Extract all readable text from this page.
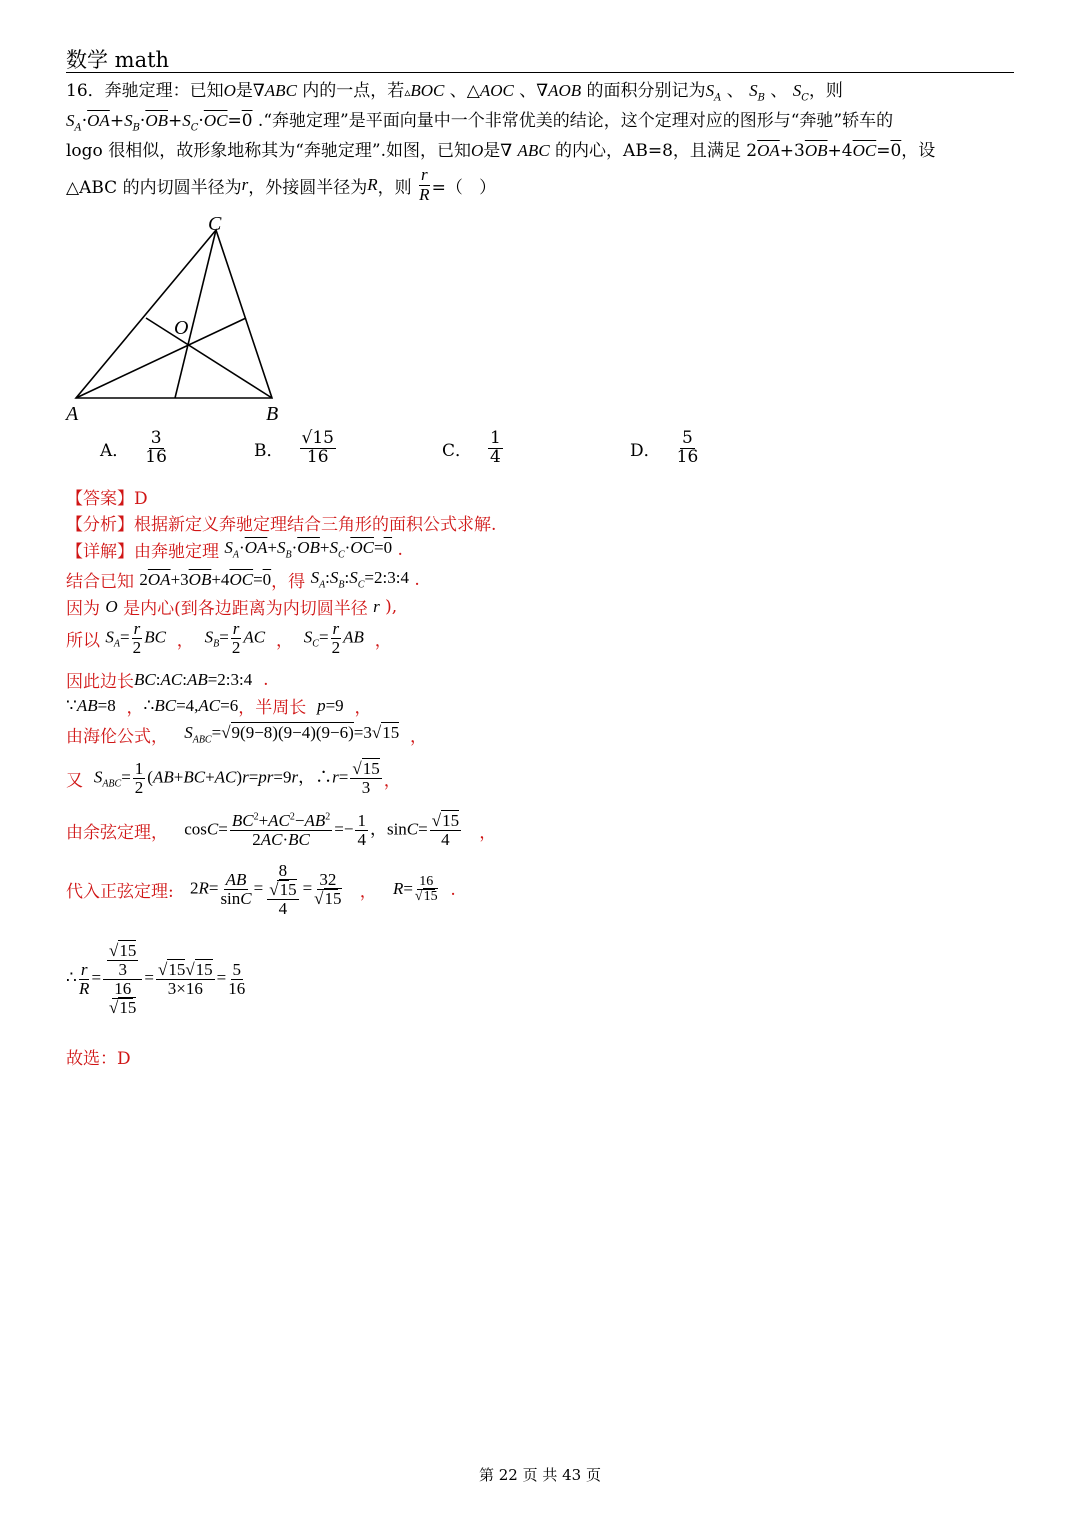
数学 math
16．奔驰定理：已知O是∇ABC 内的一点，若▵BOC 、△AOC 、∇AOB 的面积分别记为$S_A$ 、 $S_B$ 、 $S_C$，则
$S_A\cdot\overline{OA}+S_B\cdot\overline{OB}+S_C\cdot\overline{OC}=0$ .“奔驰定理”是平面向量中一个非常优美的结论，这个定理对应的图形与“奔驰”轿车的
logo 很相似，故形象地称其为“奔驰定理”.如图，已知O是∇ ABC 的内心，AB=8，且满足 $2\overline{OA}+3\overline{OB}+4\overline{OC}=0$，设
△ABC 的内切圆半径为 r ，外接圆半径为 R ，则 $\frac{r}{R}$ =（   ）
C
O
A	B
A． $\frac{3}{16}$	B． $\frac{√15}{16}$	C． $\frac{1}{4}$	D． $\frac{5}{16}$
【答案】D
【分析】根据新定义奔驰定理结合三角形的面积公式求解.
【详解】由奔驰定理
$S_A\cdot\overline{OA}+S_B\cdot\overline{OB}+S_C\cdot\overline{OC}=0$
.
结合已知
$2\overline{OA}+3\overline{OB}+4\overline{OC}=0$ ，得
$S_A:S_B:S_C=2:3:4$
.
因为
O
是内心(到各边距离为内切圆半径
r
),
所以
$S_A= \frac{r}{2}$ BC
，
$S_B= \frac{r}{2}$ AC
，
$S_C= \frac{r}{2}$ AB
，
因此边长 BC:AC:AB=2:3:4
.
∵AB=8
， ∴BC=4,AC=6 ，半周长
p=9
，
由海伦公式，
$S_{ABC}=√9(9-8)(9-4)(9-6)=3√15$
，
又
$S_{ABC}= \frac{1}{2} (AB+BC+AC)r=pr=9r$，∴r= $\frac{√15}{3}$ ，
由余弦定理，
$\cos C= \frac{BC^2+AC^2-AB^2}{2AC\cdot BC} =- \frac{1}{4}$ ，$\sin C= \frac{√15}{4}$
，
代入正弦定理:
$2R= \frac{AB}{\sin C} = \frac{8}{\frac{√15}{4}} = \frac{32}{√15}$
，
$R= \frac{16}{√15}$
.
∴ $\frac{r}{R} = \frac{\frac{√15}{3}}{\frac{16}{√15}} = \frac{√15√15}{3\times 16} = \frac{5}{16}$
故选：D
第 22 页 共 43 页
